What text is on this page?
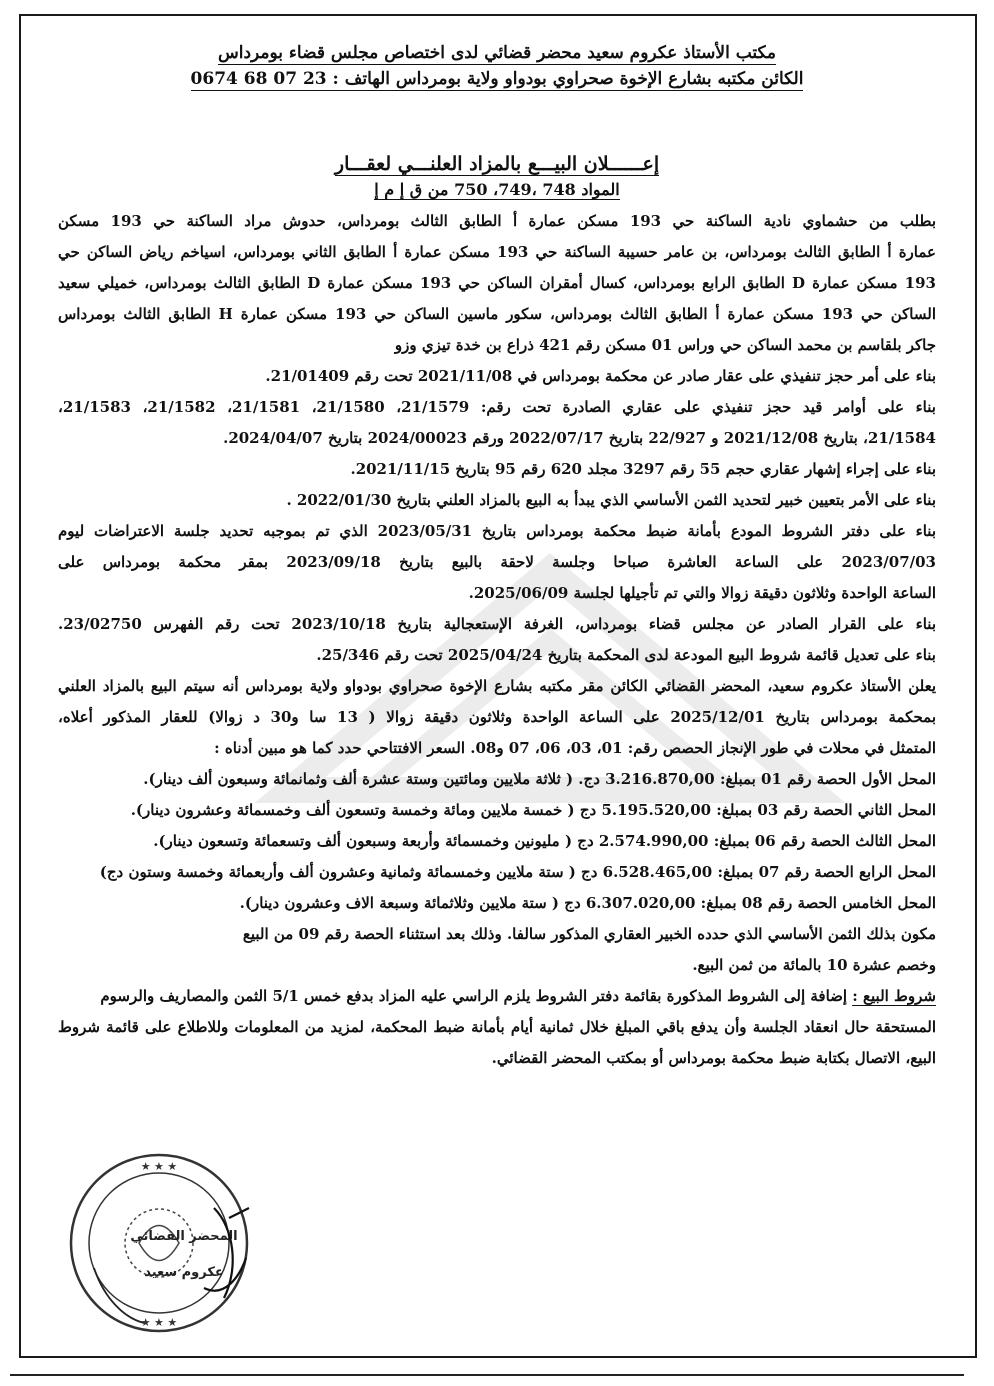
مكتب الأستاذ عكروم سعيد محضر قضائي لدى اختصاص مجلس قضاء بومرداس

الكائن مكتبه بشارع الإخوة صحراوي بودواو ولاية بومرداس الهاتف : 23 07 68 0674

إعــــــلان البيـــع بالمزاد العلنـــي لعقـــار
المواد 748 ،749، 750 من ق إ م إ

بطلب من حشماوي نادية الساكنة حي 193 مسكن عمارة أ الطابق الثالث بومرداس، حدوش مراد الساكنة حي 193 مسكن

عمارة أ الطابق الثالث بومرداس، بن عامر حسيبة الساكنة حي 193 مسكن عمارة أ الطابق الثاني بومرداس، اسياخم رياض الساكن حي

193 مسكن عمارة D الطابق الرابع بومرداس، كسال أمقران الساكن حي 193 مسكن عمارة D الطابق الثالث بومرداس، خميلي سعيد

الساكن حي 193 مسكن عمارة أ الطابق الثالث بومرداس، سكور ماسين الساكن حي 193 مسكن عمارة H الطابق الثالث بومرداس

جاكر بلقاسم بن محمد الساكن حي وراس 01 مسكن رقم 421 ذراع بن خدة تيزي وزو

بناء على أمر حجز تنفيذي على عقار صادر عن محكمة بومرداس في 2021/11/08 تحت رقم 21/01409.

بناء على أوامر قيد حجز تنفيذي على عقاري الصادرة تحت رقم: 21/1579، 21/1580، 21/1581، 21/1582، 21/1583،

21/1584، بتاريخ 2021/12/08 و 22/927 بتاريخ 2022/07/17 ورقم 2024/00023 بتاريخ 2024/04/07.

بناء على إجراء إشهار عقاري حجم 55 رقم 3297 مجلد 620 رقم 95 بتاريخ 2021/11/15.

بناء على الأمر بتعيين خبير لتحديد الثمن الأساسي الذي يبدأ به البيع بالمزاد العلني بتاريخ 2022/01/30 .

بناء على دفتر الشروط المودع بأمانة ضبط محكمة بومرداس بتاريخ 2023/05/31 الذي تم بموجبه تحديد جلسة الاعتراضات ليوم

2023/07/03 على الساعة العاشرة صباحا وجلسة لاحقة بالبيع بتاريخ 2023/09/18 بمقر محكمة بومرداس على

الساعة الواحدة وثلاثون دقيقة زوالا والتي تم تأجيلها لجلسة 2025/06/09.

بناء على القرار الصادر عن مجلس قضاء بومرداس، الغرفة الإستعجالية بتاريخ 2023/10/18 تحت رقم الفهرس 23/02750.

بناء على تعديل قائمة شروط البيع المودعة لدى المحكمة بتاريخ 2025/04/24 تحت رقم 25/346.

يعلن الأستاذ عكروم سعيد، المحضر القضائي الكائن مقر مكتبه بشارع الإخوة صحراوي بودواو ولاية بومرداس أنه سيتم البيع بالمزاد العلني

بمحكمة بومرداس بتاريخ 2025/12/01 على الساعة الواحدة وثلاثون دقيقة زوالا ( 13 سا و30 د زوالا) للعقار المذكور أعلاه،

المتمثل في محلات في طور الإنجاز الحصص رقم: 01، 03، 06، 07 و08. السعر الافتتاحي حدد كما هو مبين أدناه :

المحل الأول الحصة رقم 01 بمبلغ: 3.216.870,00 دج. ( ثلاثة ملايين ومائتين وستة عشرة ألف وثمانمائة وسبعون ألف دينار).

المحل الثاني الحصة رقم 03 بمبلغ: 5.195.520,00 دج ( خمسة ملايين ومائة وخمسة وتسعون ألف وخمسمائة وعشرون دينار).

المحل الثالث الحصة رقم 06 بمبلغ: 2.574.990,00 دج ( مليونين وخمسمائة وأربعة وسبعون ألف وتسعمائة وتسعون دينار).

المحل الرابع الحصة رقم 07 بمبلغ: 6.528.465,00 دج ( ستة ملايين وخمسمائة وثمانية وعشرون ألف وأربعمائة وخمسة وستون دج)

المحل الخامس الحصة رقم 08 بمبلغ: 6.307.020,00 دج ( ستة ملايين وثلاثمائة وسبعة الاف وعشرون دينار).

مكون بذلك الثمن الأساسي الذي حدده الخبير العقاري المذكور سالفا. وذلك بعد استثناء الحصة رقم 09 من البيع

وخصم عشرة 10 بالمائة من ثمن البيع.

شروط البيع : إضافة إلى الشروط المذكورة بقائمة دفتر الشروط يلزم الراسي عليه المزاد بدفع خمس 5/1 الثمن والمصاريف والرسوم

المستحقة حال انعقاد الجلسة وأن يدفع باقي المبلغ خلال ثمانية أيام بأمانة ضبط المحكمة، لمزيد من المعلومات وللاطلاع على قائمة شروط

البيع، الاتصال بكتابة ضبط محكمة بومرداس أو بمكتب المحضر القضائي.

★ ★ ★
★ ★ ★
المحضر القضائي
عكروم سعيد
